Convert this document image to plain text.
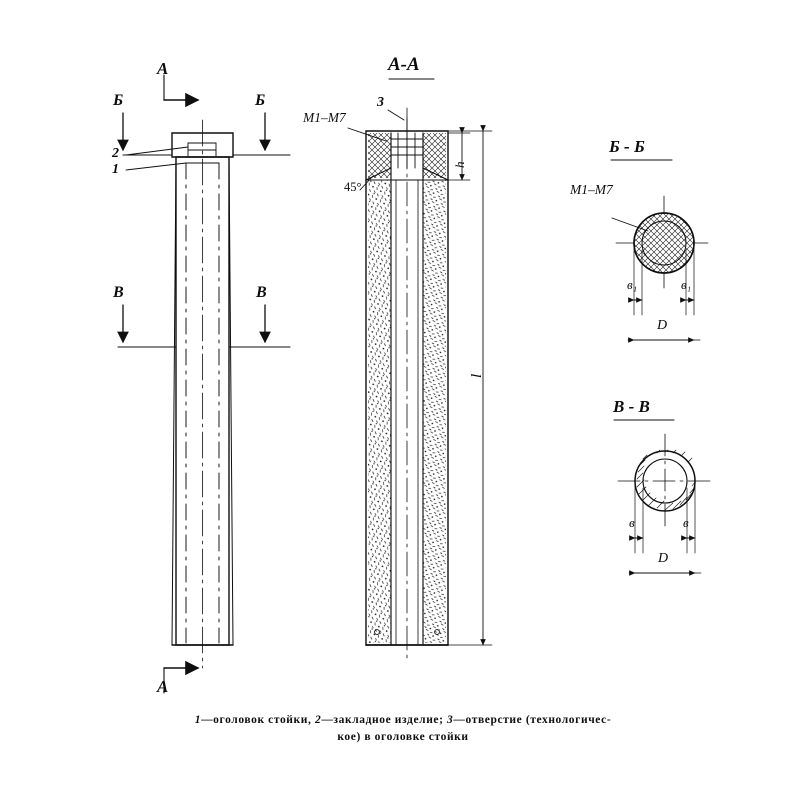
А-А
Б - Б
В - В
А
А
Б	Б
В	В
2
1
3
М1–М7
М1–М7
45°
l
h
в₁	в₁
D
в	в
D
1—оголовок стойки, 2—закладное изделие; 3—отверстие (технологичес-
кое) в оголовке стойки
